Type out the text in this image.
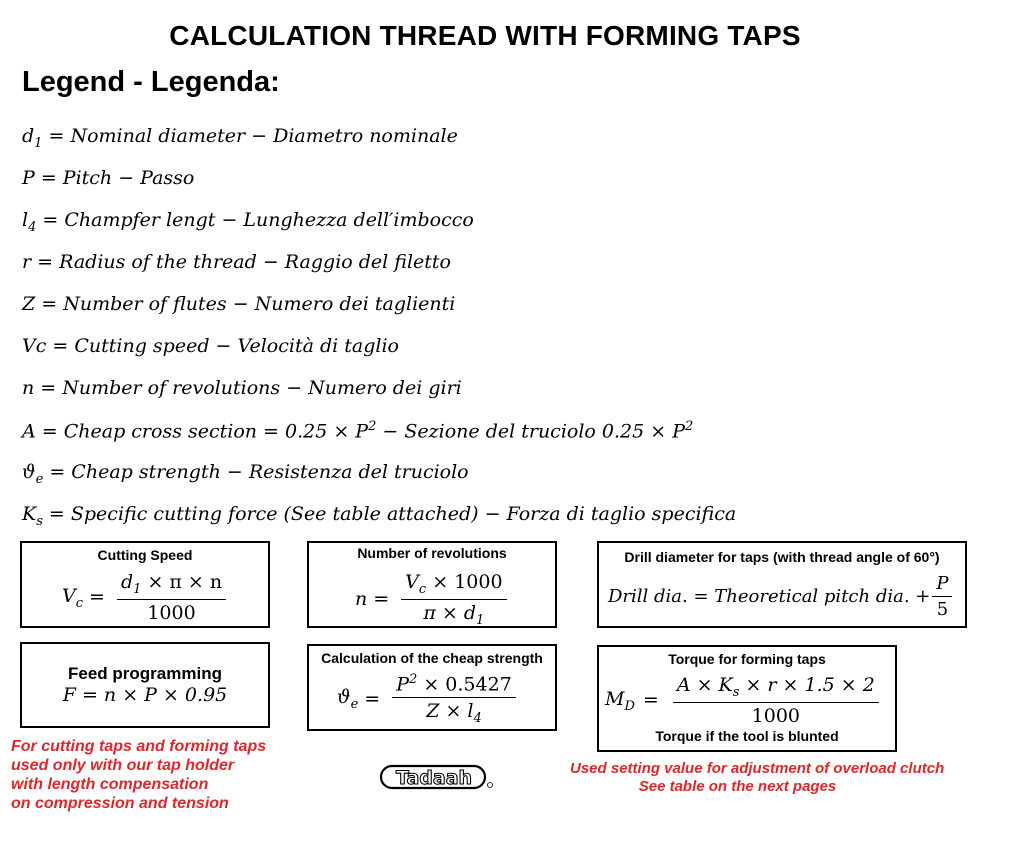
CALCULATION THREAD WITH FORMING TAPS
Legend - Legenda:
$d_1$ = Nominal diameter − Diametro nominale
P = Pitch − Passo
$l_4$ = Champfer lengt − Lunghezza dell′imbocco
r = Radius of the thread − Raggio del filetto
Z = Number of flutes − Numero dei taglienti
Vc = Cutting speed − Velocità di taglio
n = Number of revolutions − Numero dei giri
A = Cheap cross section = $0.25 \times P^2$ − Sezione del truciolo $0.25 \times P^2$
$ϑ_e$ = Cheap strength − Resistenza del truciolo
$K_s$ = Specific cutting force (See table attached) − Forza di taglio specifica
Cutting Speed
$V_c = \frac{d_1 \times \pi \times n}{1000}$
Number of revolutions
$n = \frac{V_c \times 1000}{\pi \times d_1}$
Drill diameter for taps (with thread angle of 60°)
Drill dia. = Theoretical pitch dia. + $\frac{P}{5}$
Feed programming
F = n × P × 0.95
Calculation of the cheap strength
$ϑ_e = \frac{P^2 \times 0.5427}{Z \times l_4}$
Torque for forming taps
$M_D = \frac{A \times K_s \times r \times 1.5 \times 2}{1000}$
Torque if the tool is blunted
For cutting taps and forming taps
used only with our tap holder
with length compensation
on compression and tension
Used setting value for adjustment of overload clutch
See table on the next pages
Tadaah
